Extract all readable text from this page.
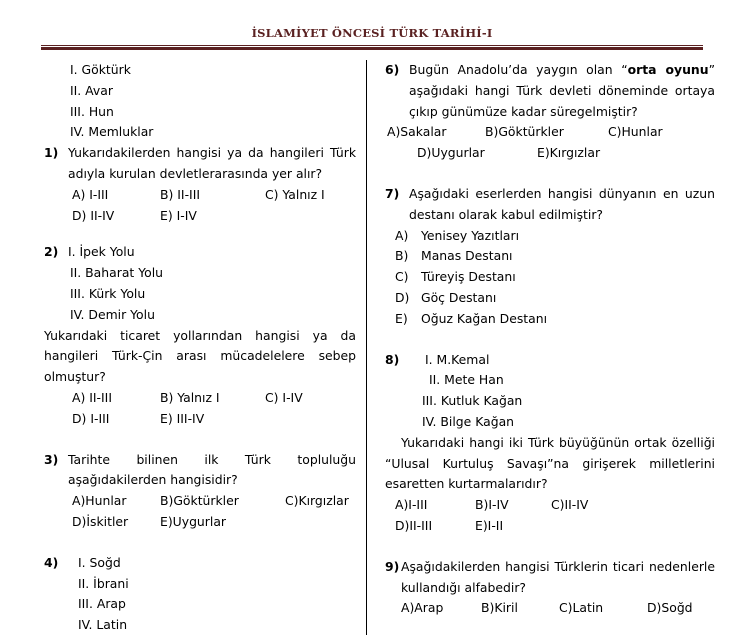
İSLAMİYET ÖNCESİ TÜRK TARİHİ-I
I. Göktürk
II. Avar
III. Hun
IV. Memluklar
1) Yukarıdakilerden hangisi ya da hangileri Türk adıyla kurulan devletlerarasında yer alır?
A) I-III	B) II-III	C) Yalnız I
D) II-IV	E) I-IV
2) I. İpek Yolu
II. Baharat Yolu
III. Kürk Yolu
IV. Demir Yolu
Yukarıdaki ticaret yollarından hangisi ya da hangileri Türk-Çin arası mücadelelere sebep olmuştur?
A) II-III	B) Yalnız I	C) I-IV
D) I-III	E) III-IV
3) Tarihte bilinen ilk Türk topluluğu aşağıdakilerden hangisidir?
A)Hunlar	B)Göktürkler	C)Kırgızlar
D)İskitler	E)Uygurlar
4)	I. Soğd
II. İbrani
III. Arap
IV. Latin
6) Bugün Anadolu’da yaygın olan “orta oyunu” aşağıdaki hangi Türk devleti döneminde ortaya çıkıp günümüze kadar süregelmiştir?
A)Sakalar	B)Göktürkler	C)Hunlar
D)Uygurlar	E)Kırgızlar
7) Aşağıdaki eserlerden hangisi dünyanın en uzun destanı olarak kabul edilmiştir?
A)	Yenisey Yazıtları
B)	Manas Destanı
C)	Türeyiş Destanı
D) Göç Destanı
E)	Oğuz Kağan Destanı
8)	I. M.Kemal
II. Mete Han
III. Kutluk Kağan
IV. Bilge Kağan
Yukarıdaki hangi iki Türk büyüğünün ortak özelliği “Ulusal Kurtuluş Savaşı”na girişerek milletlerini esaretten kurtarmalarıdır?
A)I-III	B)I-IV	C)II-IV
D)II-III	E)I-II
9) Aşağıdakilerden hangisi Türklerin ticari nedenlerle kullandığı alfabedir?
A)Arap	B)Kiril	C)Latin	D)Soğd
